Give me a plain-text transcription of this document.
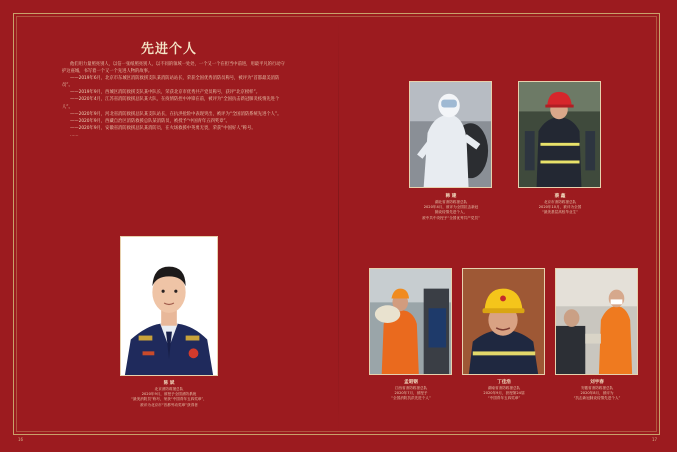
先进个人

他们用力量照亮别人，以信一张纸照亮别人，以不同的领域一处处，一个又一个在担当中前进，用最平凡的行动守护这座城，书写着一个又一个先进人物的故事。

——2019年6月，北京市东城区消防救援支队某消防站站长，荣获全国优秀消防员称号，被评为“首都最美消防员”。

——2019年9月，西城区消防救援支队某中队长，荣获北京市优秀共产党员称号，获评“北京榜样”。

——2020年4月，江苏省消防救援总队某大队，在疫情防控中冲锋在前，被评为“全国抗击新冠肺炎疫情先进个人”。

——2020年9月，河北省消防救援总队某支队站长，在抗洪抢险中表现突出，被评为“全国消防系统先进个人”。

——2020年9月，西藏自治区消防救援总队某消防员，被授予“中国青年五四奖章”。

——2020年9月，安徽省消防救援总队某消防员，在火场救援中英勇无畏，荣获“中国好人”称号。

……

陈 斌
北京消防救援总队
2020年9月，被授予全国消防系统
“最美消防员”称号，荣获“中国青年五四奖章”，
被评为北京市“首都劳动奖章”获得者
16
韩 建
湖北省消防救援总队
2020年4月，被评为全国抗击新冠
肺炎疫情先进个人，
被中共中央授予“全国优秀共产党员”
蔡 鑫
北京市消防救援总队
2020年10月，被评为全国
“最美基层高校毕业生”
孟昭钢
江西省消防救援总队
2020年7月，被授予
“全国消防抗洪先进个人”
丁佳浩
湖南省消防救援总队
2020年9月，获授第24届
“中国青年五四奖章”
刘宇春
安徽省消防救援总队
2020年8月，被评为
“抗击新冠肺炎疫情先进个人”
17
